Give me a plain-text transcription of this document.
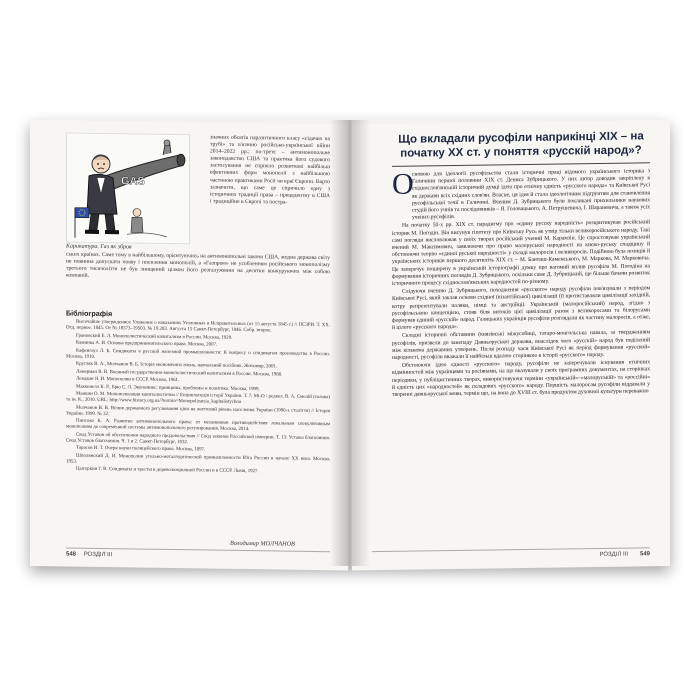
GAS
Карикатура. Газ як зброя
значних обсягів паразитичного класу «сідачих на трубі» та в'язнию російсько-української війни 2014–2022 рр.; по-третє – антимонопольне законодавство США та практика його судового застосування не сприяло розвиткові найбільш ефективних форм монополії з найбільшою частиною практиками Росії чи краї Європи. Варто зазначити, що саме це спричило одну з історичних традиції права – прецедентну в США і традиційне в Європі та постра-
ських країнах. Саме тому в найбільшому, орієнтуючись на антимонопольні закони США, жодна держава світу не повинна допускати появу і посилення монополій, а «Газпром» не усобленням російського монополізму третього тисячоліття не був знищений цілком його розгалуження на десятки конкуруючих між собою компаній.
Бібліографія

Высочайше утвержденное Уложение о наказаниях Уголовных и Исправительных (от 15 августа 1845 г.) // ПСЗРИ. Т. XX. Отд. первое. 1845. От № 18573–19503. № 19.283. Августа 15 Санкт-Петербург, 1846. Собр. второе.

Грановский Е. Л. Монополистический капитализм в России. Москва, 1929.

Каминка А. И. Основы предпринимательского права. Москва, 2007.

Кафенгауз Л. Б. Синдикаты в русской железной промышленности: К вопросу о синдикатом производства в России. Москва, 1910.

Кругляк В. А., Молчанов В. Б. Історія економічних вчень, навчальний посібник. Житомир, 2001.

Ламерман В. В. Военный государственно-монополистический капитализм в России. Москва, 1988.

Левадин Я. И. Монополии в СССР. Москва, 1961.

Макконелл К. Р., Брю С. Л. Экономикс: принципы, проблемы и политика. Москва, 1999.

Манкин О. М. Монополизация капиталистична // Енциклопедія історії України. Т. 7: Мі-О / редкол. В. А. Смолій (голова) та ін. К., 2010. URL: http://www.history.org.ua/?termin=Monopolizatsia_kapitalistychna

Молчанов В. В. Вплив державного регулювання ціни на життєвий рівень населення України (1990-х століття) // Історія України. 1999. № 32.

Пинсоко К. А. Развитие антимонопольного права: от механизмов противодействия локальным спекулятивным монополиям до современной системы антимонопольного регулирования. Москва, 2014.

Свод Уставов об обеспечении народного продовольствия // Свод законов Российской империи. Т. 13: Уставы благочиния. Свод Уставов благочиния. Ч. 1 и 2. Санкт-Петербург, 1832.

Тарасов И. Т. Очерк науки полицейского права. Москва, 1897.

Шполянский Д. И. Монополии угольно-металлургической промышленности Юга России в начале XX века. Москва, 1953.

Цыгоркин Г. В. Синдикаты и тресты в дореволюционной России и в СССР. Львів, 1927.

Володимир МОЛЧАНОВ
548 РОЗДІЛ III
Що вкладали русофіли наприкінці XIX – на початку XX ст. у поняття «русскій народ»?
О

сновою для ідеології русофільства стали історичні праці відомого українського історика з Галичини першої половини XIX ст. Дениса Зубрицького. У них автор доводив закріплену в східнослов'янській історичній думці ідею про етнічну єдність «русского народа» та Київської Русі як держави всіх східних слов'ян. Власне, ця ідея й стала ідеологічним підґрунтям для становлення русофільської течії в Галичині. Вченим Д. Зубрицького були покликані прихильники наукових студій його учнів та послідовників – Я. Головацького, А. Петрушевича, І. Шараневича, а також усіх учених-русофілів.

На початку 50-х рр. XIX ст. парадигму про «єдину русску народність» розкритикував російський історик М. Погодін. Він висунув гіпотезу про Київську Русь як утвір тільки великоросійського народу. Такі самі погляди висловлював у своїх творах російський учений М. Карамзін. Це спростовував український вчений М. Максимович, заявлюючи про право малоруської народності на києво-руську спадщину й обстоюючи теорію «єдиної руської народності» у складі малоросів і великоросів. Подібною була позиція й українських істориків першого десятиліть XIX ст. – М. Бантиш-Каменського, М. Маркова, М. Марковича. Це заперечує поширену в українській історіографії думку про вагомий вплив русофіла М. Погодіна на формування історичних поглядів Д. Зубрицького, оскільки саме Д. Зубрицький, ще більше бачачи розвиток історичного процесу східнослов'янських народностей по-різному.

Слідуючи вченню Д. Зубрицького, походження «русского» народу русофіли пов'язували з періодом Київської Русі, який заклав основи східної (візантійської) цивілізації (її протиставляли цивілізації західній, котру репрезентували поляки, німці та австрійці). Українській (малоросійський) народ, згідно з русофільською концепцією, стояв біля витоків цієї цивілізації разом з великоросами та білорусами формував єдиний «русскій» народ. Галицьких українців русофіли розглядали як частину малоросів, а отже, й цілого «русского народа».

Складні історичні обставини (князівські міжусобиці, татаро-монгольська навала, за твердженням русофілів, призвели до занепаду Давньоруської держави, внаслідок чого «русскій» народ був поділений між кількома державних утворень. Після розпаду часи Київської Русі як період формування «русской» народності, русофіли вважали її найбільш вдалою сторінкою в історії «русского» народу.

Обстоюючи ідею єдності «русского» народу, русофіли не заперечували існування етнічних відмінностей між українцями та росіянами, на що вказували у своїх програмних документах, на сторінках періодики, у публіцистичних творах, використовуючи терміни «українській»–«малоруській» та «россійні» й єдність цих «народностей» як складових «русского» народу. Першість малоросам русофіли віддавали у творенні давньоруської мови, термін що, на вона до XVIII ст. була продуктом духовної культури переважно

РОЗДІЛ III 549
